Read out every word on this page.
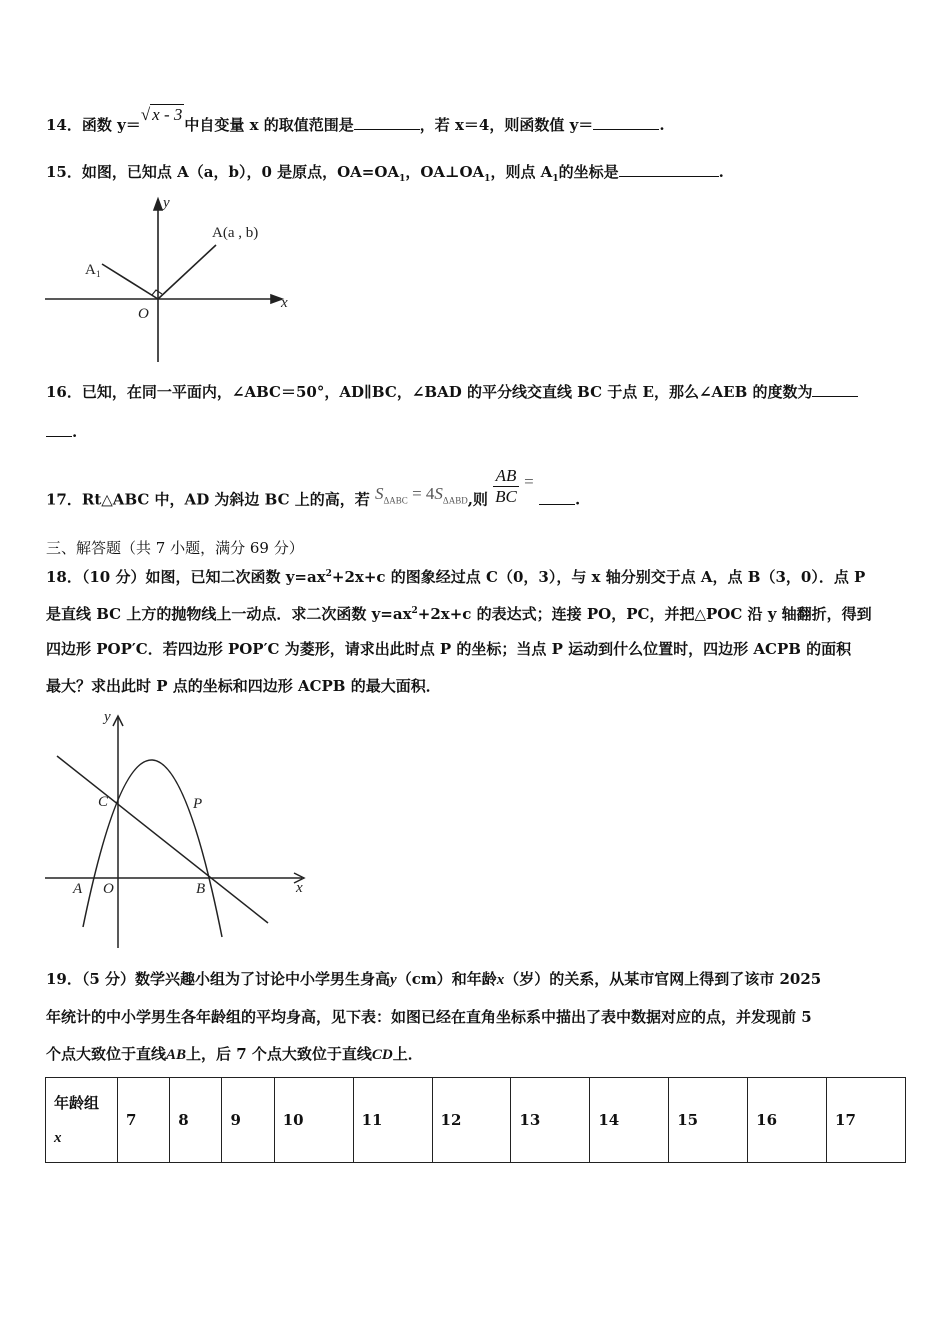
14．函数 y＝√ x - 3中自变量 x 的取值范围是	，若 x＝4，则函数值 y＝	.
15．如图，已知点 A（a，b），0 是原点，$OA=OA_1$，$OA\perp OA_1$，则点 $A_1$的坐标是	.
y
x
O
A(a , b)
A 1
y
x
O
A	B
C	P
16．已知，在同一平面内，∠ABC＝50°，AD∥BC，∠BAD 的平分线交直线 BC 于点 E，那么∠AEB 的度数为
.
17．Rt△ABC 中，AD 为斜边 BC 上的高，若 $S_{\Delta ABC} = 4S_{\Delta ABD}$,则 $\frac{AB}{BC}$ = .
三、解答题（共 7 小题，满分 69 分）
18．（10 分）如图，已知二次函数 $y=ax^2+2x+c$ 的图象经过点 C（0，3），与 x 轴分别交于点 A，点 B（3，0）．点 P
是直线 BC 上方的抛物线上一动点．求二次函数 $y=ax^2+2x+c$ 的表达式；连接 PO，PC，并把△POC 沿 y 轴翻折，得到
四边形 POP′C．若四边形 POP′C 为菱形，请求出此时点 P 的坐标；当点 P 运动到什么位置时，四边形 ACPB 的面积
最大？求出此时 P 点的坐标和四边形 ACPB 的最大面积．
19．（5 分）数学兴趣小组为了讨论中小学男生身高y（cm）和年龄x（岁）的关系，从某市官网上得到了该市 2025
年统计的中小学男生各年龄组的平均身高，见下表：如图已经在直角坐标系中描出了表中数据对应的点，并发现前 5
个点大致位于直线AB上，后 7 个点大致位于直线CD上．
年龄组
x	7	8	9	10	11	12	13	14	15	16	17
